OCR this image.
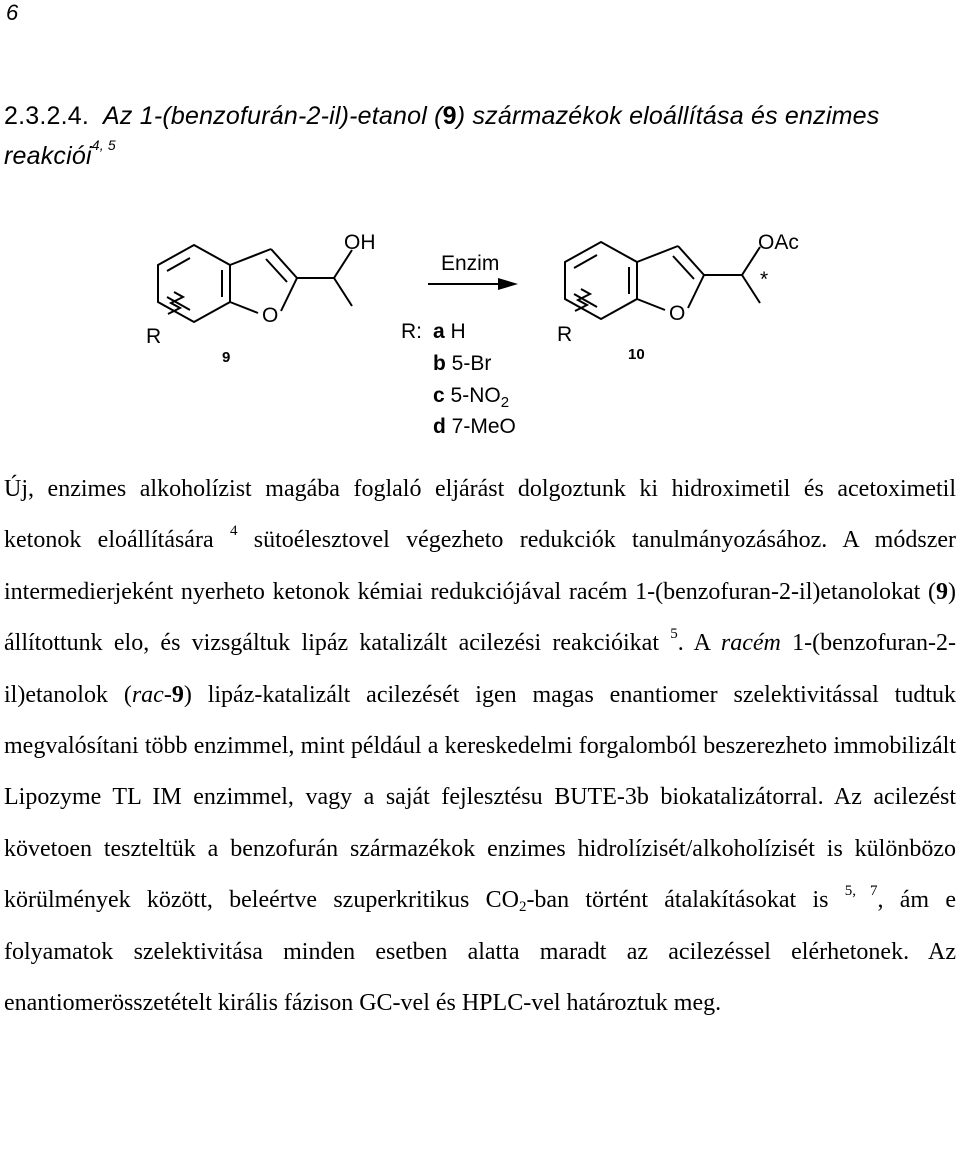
6
2.3.2.4. Az 1-(benzofurán-2-il)-etanol (9) származékok eloállítása és enzimes reakciói$^{4, 5}$
O
OH
R
9
Enzim
O
OAc
*
R
10
R: a H
b 5-Br
c $5-NO_2$
d 7-MeO
Új, enzimes alkoholízist magába foglaló eljárást dolgoztunk ki hidroximetil és acetoximetil ketonok eloállítására $^4$ sütoélesztovel végezheto redukciók tanulmányozásához. A módszer intermedierjeként nyerheto ketonok kémiai redukciójával racém 1-(benzofuran-2-il)etanolokat (9) állítottunk elo, és vizsgáltuk lipáz katalizált acilezési reakcióikat $^5$. A racém 1-(benzofuran-2-il)etanolok (rac-9) lipáz-katalizált acilezését igen magas enantiomer szelektivitással tudtuk megvalósítani több enzimmel, mint például a kereskedelmi forgalomból beszerezheto immobilizált Lipozyme TL IM enzimmel, vagy a saját fejlesztésu BUTE-3b biokatalizátorral. Az acilezést követoen teszteltük a benzofurán származékok enzimes hidrolízisét/alkoholízisét is különbözo körülmények között, beleértve szuperkritikus $CO_2$-ban történt átalakításokat is $^{5, 7}$, ám e folyamatok szelektivitása minden esetben alatta maradt az acilezéssel elérhetonek. Az enantiomerösszetételt királis fázison GC-vel és HPLC-vel határoztuk meg.
